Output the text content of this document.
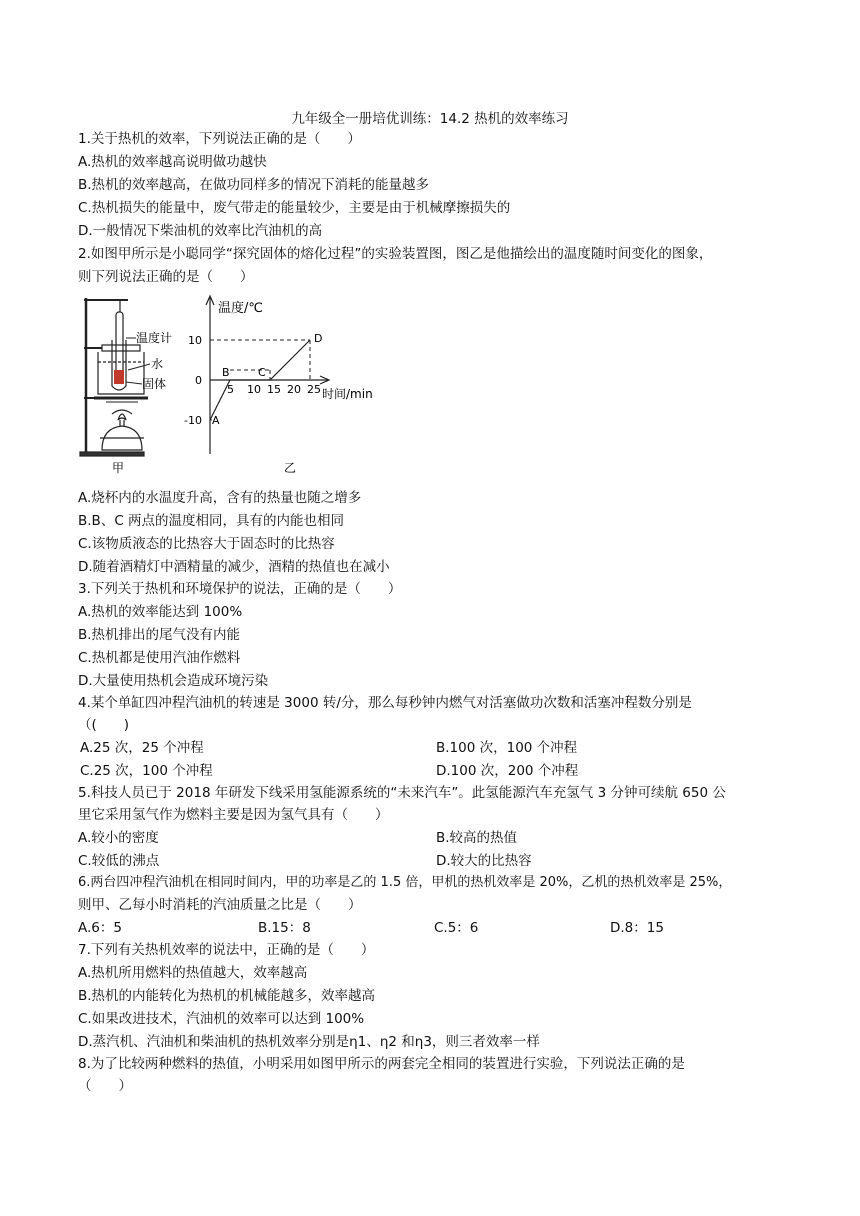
九年级全一册培优训练：14.2 热机的效率练习
1.关于热机的效率，下列说法正确的是（　　）
A.热机的效率越高说明做功越快
B.热机的效率越高，在做功同样多的情况下消耗的能量越多
C.热机损失的能量中，废气带走的能量较少，主要是由于机械摩擦损失的
D.一般情况下柴油机的效率比汽油机的高
2.如图甲所示是小聪同学“探究固体的熔化过程”的实验装置图，图乙是他描绘出的温度随时间变化的图象，
则下列说法正确的是（　　）
温度计
水
固体
甲
温度/℃
时间/min
5 10 15 20 25
10
0
-10 A
B	C
D
乙
A.烧杯内的水温度升高，含有的热量也随之增多
B.B、C 两点的温度相同，具有的内能也相同
C.该物质液态的比热容大于固态时的比热容
D.随着酒精灯中酒精量的减少，酒精的热值也在减小
3.下列关于热机和环境保护的说法，正确的是（　　）
A.热机的效率能达到 100%
B.热机排出的尾气没有内能
C.热机都是使用汽油作燃料
D.大量使用热机会造成环境污染
4.某个单缸四冲程汽油机的转速是 3000 转/分，那么每秒钟内燃气对活塞做功次数和活塞冲程数分别是
（(　　)
A.25 次，25 个冲程	B.100 次，100 个冲程
C.25 次，100 个冲程	D.100 次，200 个冲程
5.科技人员已于 2018 年研发下线采用氢能源系统的“未来汽车”。此氢能源汽车充氢气 3 分钟可续航 650 公
里它采用氢气作为燃料主要是因为氢气具有（　　）
A.较小的密度	B.较高的热值
C.较低的沸点	D.较大的比热容
6.两台四冲程汽油机在相同时间内，甲的功率是乙的 1.5 倍，甲机的热机效率是 20%，乙机的热机效率是 25%，
则甲、乙每小时消耗的汽油质量之比是（　　）
A.6：5	B.15：8	C.5：6	D.8：15
7.下列有关热机效率的说法中，正确的是（　　）
A.热机所用燃料的热值越大，效率越高
B.热机的内能转化为热机的机械能越多，效率越高
C.如果改进技术，汽油机的效率可以达到 100%
D.蒸汽机、汽油机和柴油机的热机效率分别是η1、η2 和η3，则三者效率一样
8.为了比较两种燃料的热值，小明采用如图甲所示的两套完全相同的装置进行实验，下列说法正确的是
（　　）
